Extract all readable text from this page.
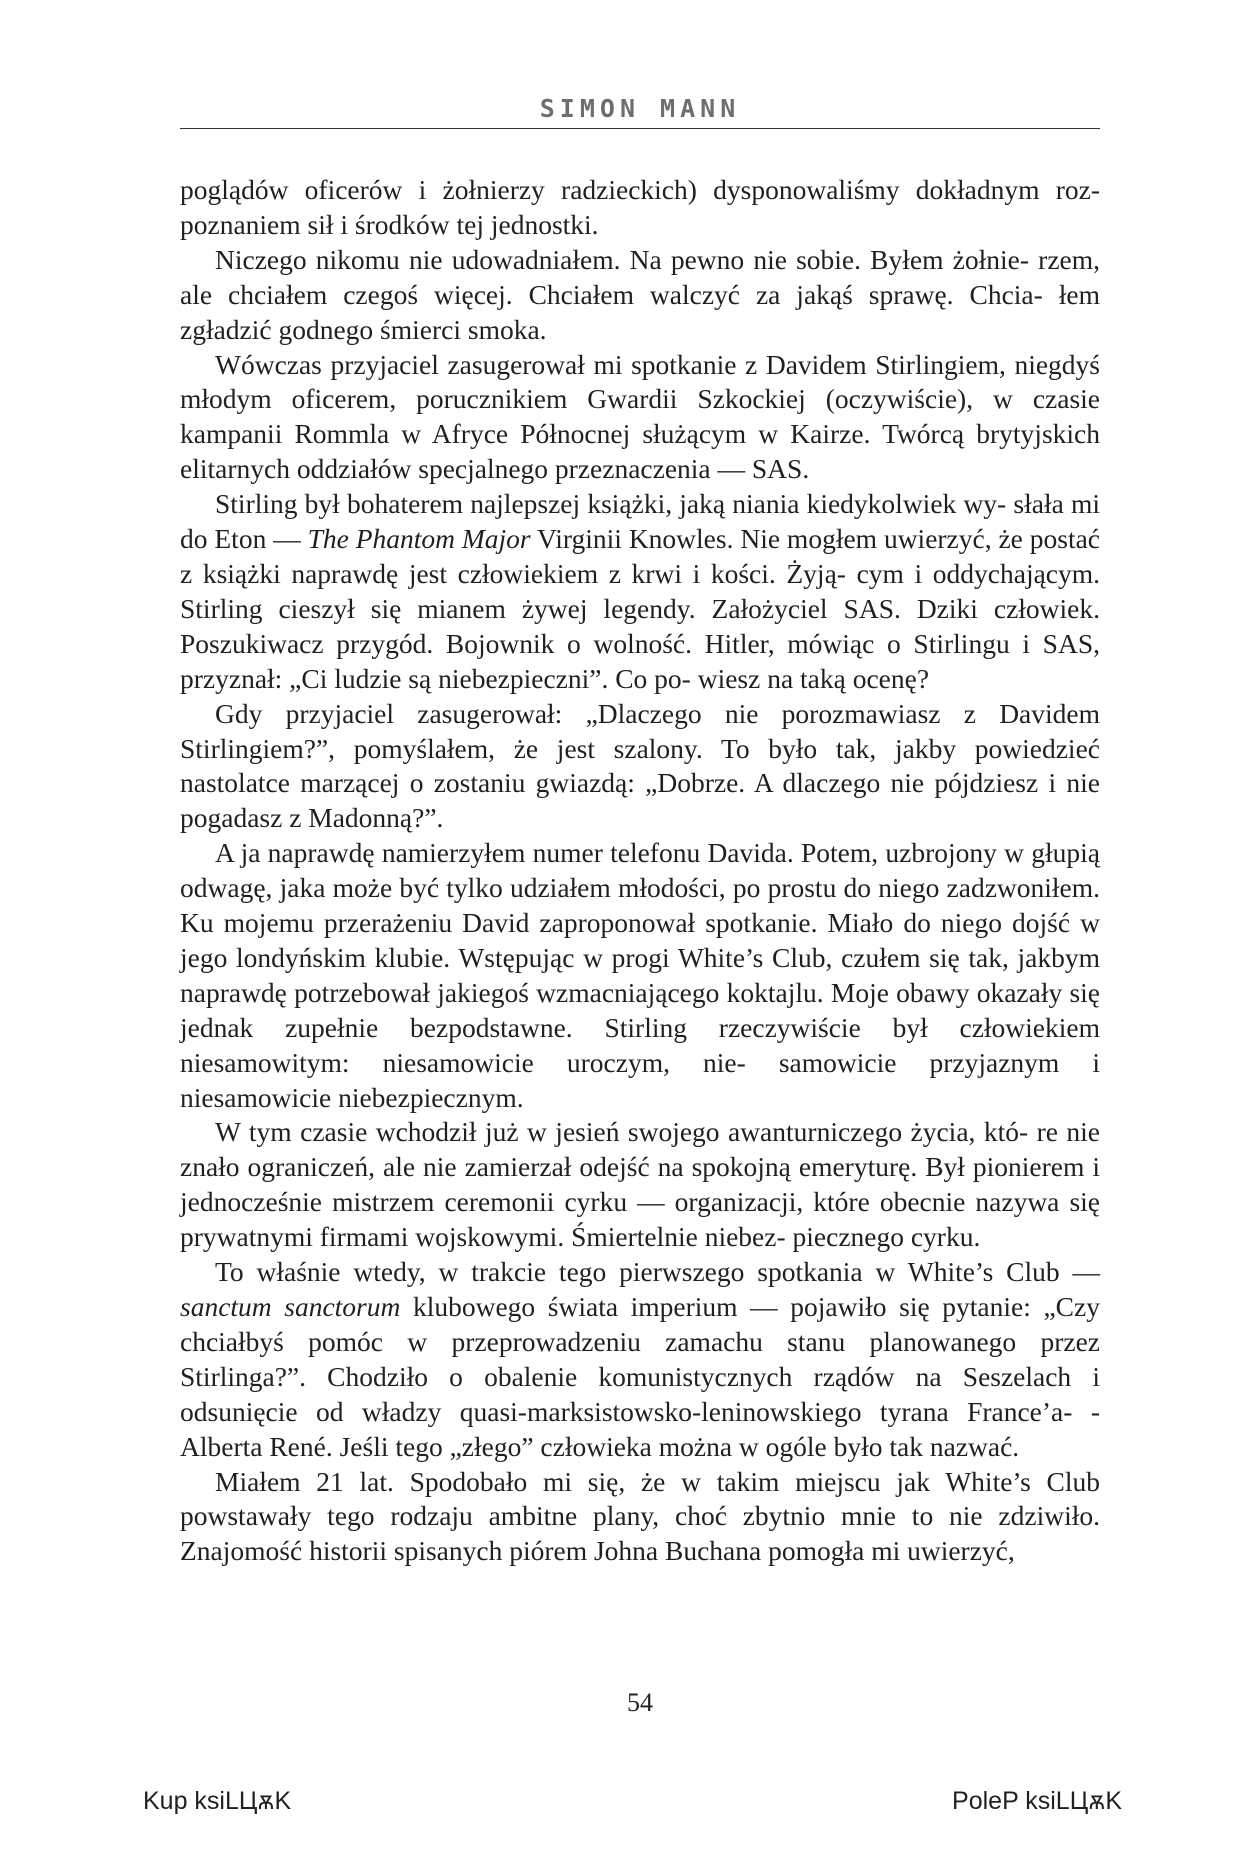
SIMON MANN

poglądów oficerów i żołnierzy radzieckich) dysponowaliśmy dokładnym roz- poznaniem sił i środków tej jednostki.

Niczego nikomu nie udowadniałem. Na pewno nie sobie. Byłem żołnie- rzem, ale chciałem czegoś więcej. Chciałem walczyć za jakąś sprawę. Chcia- łem zgładzić godnego śmierci smoka.

Wówczas przyjaciel zasugerował mi spotkanie z Davidem Stirlingiem, niegdyś młodym oficerem, porucznikiem Gwardii Szkockiej (oczywiście), w czasie kampanii Rommla w Afryce Północnej służącym w Kairze. Twórcą brytyjskich elitarnych oddziałów specjalnego przeznaczenia — SAS.

Stirling był bohaterem najlepszej książki, jaką niania kiedykolwiek wy- słała mi do Eton — The Phantom Major Virginii Knowles. Nie mogłem uwierzyć, że postać z książki naprawdę jest człowiekiem z krwi i kości. Żyją- cym i oddychającym. Stirling cieszył się mianem żywej legendy. Założyciel SAS. Dziki człowiek. Poszukiwacz przygód. Bojownik o wolność. Hitler, mówiąc o Stirlingu i SAS, przyznał: „Ci ludzie są niebezpieczni”. Co po- wiesz na taką ocenę?

Gdy przyjaciel zasugerował: „Dlaczego nie porozmawiasz z Davidem Stirlingiem?”, pomyślałem, że jest szalony. To było tak, jakby powiedzieć nastolatce marzącej o zostaniu gwiazdą: „Dobrze. A dlaczego nie pójdziesz i nie pogadasz z Madonną?”.

A ja naprawdę namierzyłem numer telefonu Davida. Potem, uzbrojony w głupią odwagę, jaka może być tylko udziałem młodości, po prostu do niego zadzwoniłem. Ku mojemu przerażeniu David zaproponował spotkanie. Miało do niego dojść w jego londyńskim klubie. Wstępując w progi White’s Club, czułem się tak, jakbym naprawdę potrzebował jakiegoś wzmacniającego koktajlu. Moje obawy okazały się jednak zupełnie bezpodstawne. Stirling rzeczywiście był człowiekiem niesamowitym: niesamowicie uroczym, nie- samowicie przyjaznym i niesamowicie niebezpiecznym.

W tym czasie wchodził już w jesień swojego awanturniczego życia, któ- re nie znało ograniczeń, ale nie zamierzał odejść na spokojną emeryturę. Był pionierem i jednocześnie mistrzem ceremonii cyrku — organizacji, które obecnie nazywa się prywatnymi firmami wojskowymi. Śmiertelnie niebez- piecznego cyrku.

To właśnie wtedy, w trakcie tego pierwszego spotkania w White’s Club — sanctum sanctorum klubowego świata imperium — pojawiło się pytanie: „Czy chciałbyś pomóc w przeprowadzeniu zamachu stanu planowanego przez Stirlinga?”. Chodziło o obalenie komunistycznych rządów na Seszelach i odsunięcie od władzy quasi-marksistowsko-leninowskiego tyrana France’a- -Alberta René. Jeśli tego „złego” człowieka można w ogóle było tak nazwać.

Miałem 21 lat. Spodobało mi się, że w takim miejscu jak White’s Club powstawały tego rodzaju ambitne plany, choć zbytnio mnie to nie zdziwiło. Znajomość historii spisanych piórem Johna Buchana pomogła mi uwierzyć,

54
Kup ksiLЦѫK	PoleP ksiLЦѫK
